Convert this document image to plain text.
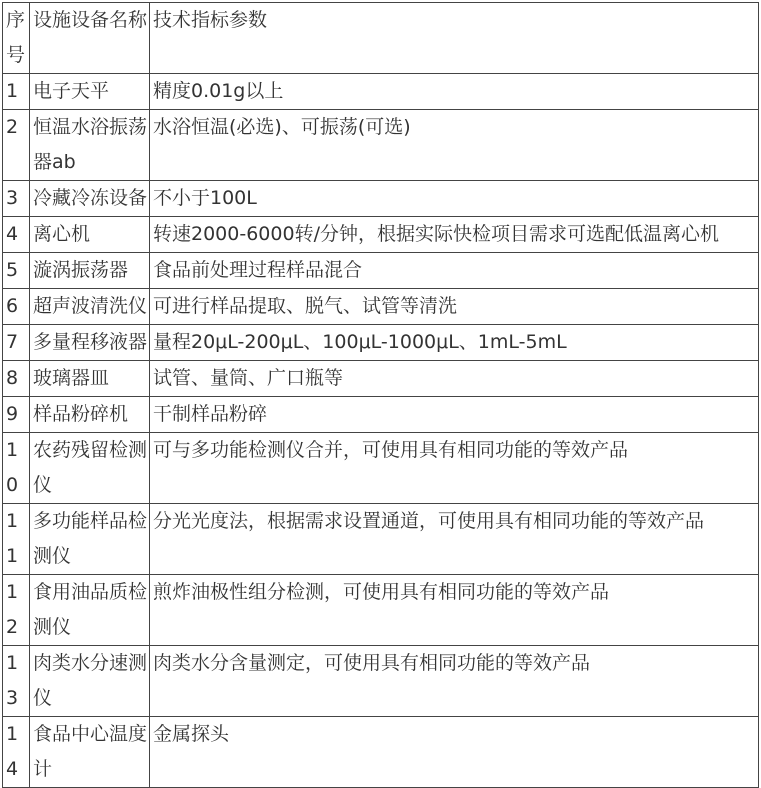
序号	设施设备名称	技术指标参数
1	电子天平	精度0.01g以上
2	恒温水浴振荡器ab	水浴恒温(必选)、可振荡(可选)
3	冷藏冷冻设备	不小于100L
4	离心机	转速2000-6000转/分钟，根据实际快检项目需求可选配低温离心机
5	漩涡振荡器	食品前处理过程样品混合
6	超声波清洗仪	可进行样品提取、脱气、试管等清洗
7	多量程移液器	量程20μL-200μL、100μL-1000μL、1mL-5mL
8	玻璃器皿	试管、量筒、广口瓶等
9	样品粉碎机	干制样品粉碎
10	农药残留检测仪	可与多功能检测仪合并，可使用具有相同功能的等效产品
11	多功能样品检测仪	分光光度法，根据需求设置通道，可使用具有相同功能的等效产品
12	食用油品质检测仪	煎炸油极性组分检测，可使用具有相同功能的等效产品
13	肉类水分速测仪	肉类水分含量测定，可使用具有相同功能的等效产品
14	食品中心温度计	金属探头
